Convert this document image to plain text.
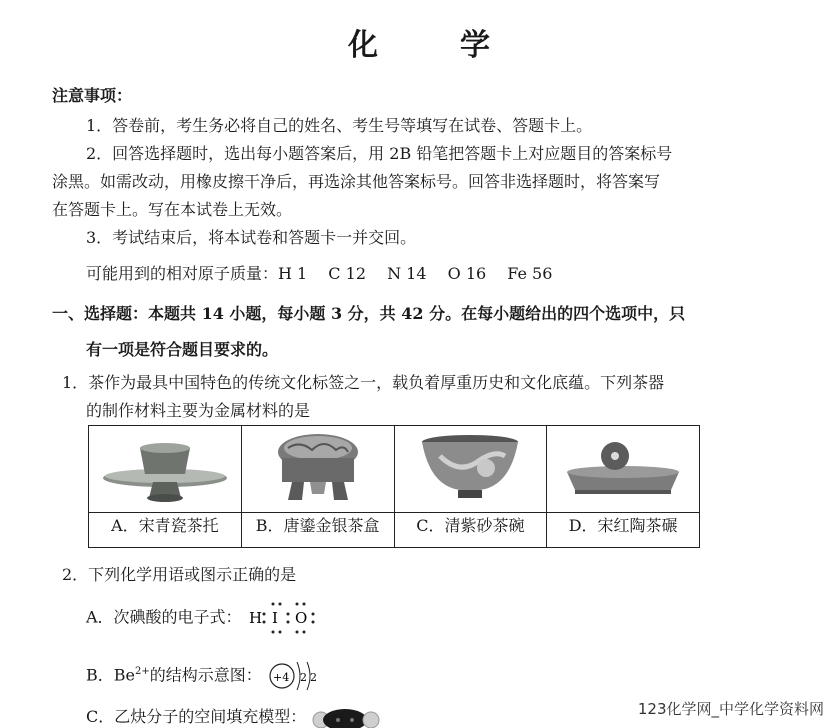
化　学
注意事项：
1．答卷前，考生务必将自己的姓名、考生号等填写在试卷、答题卡上。
2．回答选择题时，选出每小题答案后，用 2B 铅笔把答题卡上对应题目的答案标号
涂黑。如需改动，用橡皮擦干净后，再选涂其他答案标号。回答非选择题时，将答案写
在答题卡上。写在本试卷上无效。
3．考试结束后，将本试卷和答题卡一并交回。
可能用到的相对原子质量：H 1　 C 12　 N 14　 O 16　 Fe 56
一、选择题：本题共 14 小题，每小题 3 分，共 42 分。在每小题给出的四个选项中，只
有一项是符合题目要求的。
1．茶作为最具中国特色的传统文化标签之一，载负着厚重历史和文化底蕴。下列茶器
的制作材料主要为金属材料的是

A．宋青瓷茶托	B．唐鎏金银茶盒	C．清紫砂茶碗	D．宋红陶茶碾
2．下列化学用语或图示正确的是
A．次碘酸的电子式： H I O
B．$Be^{2+}$的结构示意图： +4 2 2
C．乙炔分子的空间填充模型：	123化学网_中学化学资料网
